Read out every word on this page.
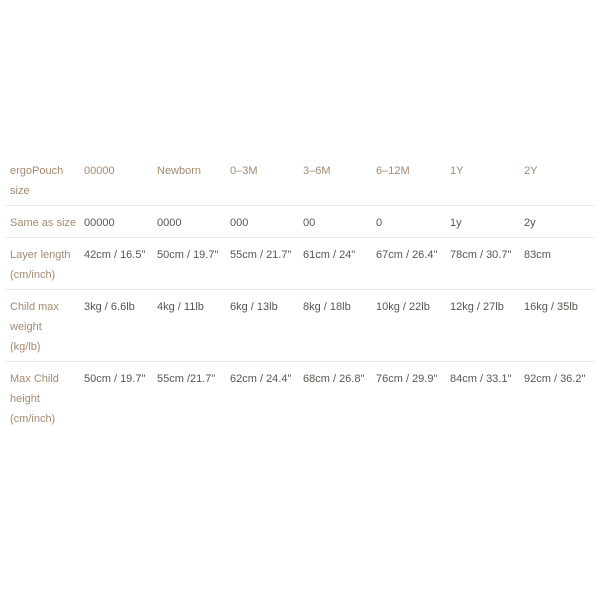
ergoPouch
size	00000	Newborn	0–3M	3–6M	6–12M	1Y	2Y

Same as size	00000	0000	000	00	0	1y	2y

Layer length
(cm/inch)	42cm / 16.5"	50cm / 19.7"	55cm / 21.7"	61cm / 24"	67cm / 26.4"	78cm / 30.7"	83cm

Child max
weight
(kg/lb)	3kg / 6.6lb	4kg / 11lb	6kg / 13lb	8kg / 18lb	10kg / 22lb	12kg / 27lb	16kg / 35lb

Max Child
height
(cm/inch)	50cm / 19.7"	55cm /21.7"	62cm / 24.4"	68cm / 26.8"	76cm / 29.9"	84cm / 33.1"	92cm / 36.2"
